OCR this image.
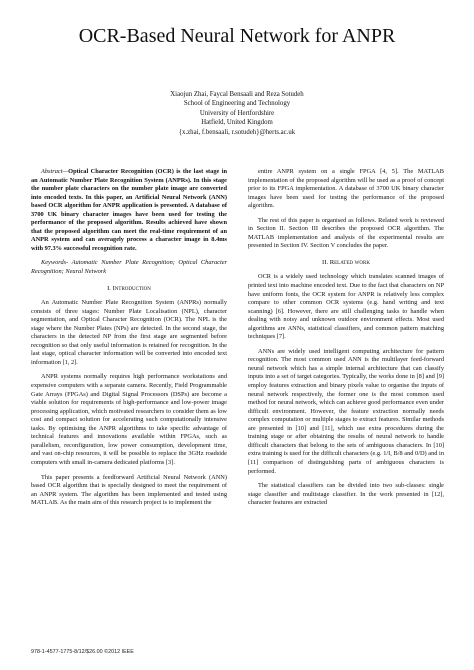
OCR-Based Neural Network for ANPR
Xiaojun Zhai, Faycal Bensaali and Reza Sotudeh
School of Engineering and Technology
University of Hertfordshire
Hatfield, United Kingdom
{x.zhai, f.bensaali, r.sotudeh}@herts.ac.uk

Abstract—Optical Character Recognition (OCR) is the last stage in an Automatic Number Plate Recognition System (ANPRs). In this stage the number plate characters on the number plate image are converted into encoded texts. In this paper, an Artificial Neural Network (ANN) based OCR algorithm for ANPR application is presented. A database of 3700 UK binary character images have been used for testing the performance of the proposed algorithm. Results achieved have shown that the proposed algorithm can meet the real-time requirement of an ANPR system and can averagely process a character image in 8.4ms with 97.3% successful recognition rate.

Keywords- Automatic Number Plate Recognition; Optical Character Recognition; Neural Network

I. Introduction

An Automatic Number Plate Recognition System (ANPRs) normally consists of three stages: Number Plate Localisation (NPL), character segmentation, and Optical Character Recognition (OCR). The NPL is the stage where the Number Plates (NPs) are detected. In the second stage, the characters in the detected NP from the first stage are segmented before recognition so that only useful information is retained for recognition. In the last stage, optical character information will be converted into encoded text information [1, 2].

ANPR systems normally requires high performance workstations and expensive computers with a separate camera. Recently, Field Programmable Gate Arrays (FPGAs) and Digital Signal Processors (DSPs) are become a viable solution for requirements of high-performance and low-power image processing application, which motivated researchers to consider them as low cost and compact solution for accelerating such computationally intensive tasks. By optimising the ANPR algorithms to take specific advantage of technical features and innovations available within FPGAs, such as parallelism, reconfiguration, low power consumption, development time, and vast on-chip resources, it will be possible to replace the 3GHz roadside computers with small in-camera dedicated platforms [3].

This paper presents a feedforward Artificial Neural Network (ANN) based OCR algorithm that is specially designed to meet the requirement of an ANPR system. The algorithm has been implemented and tested using MATLAB. As the main aim of this research project is to implement the

entire ANPR system on a single FPGA [4, 5]. The MATLAB implementation of the proposed algorithm will be used as a proof of concept prior to its FPGA implementation. A database of 3700 UK binary character images have been used for testing the performance of the proposed algorithm.

The rest of this paper is organised as follows. Related work is reviewed in Section II. Section III describes the proposed OCR algorithm. The MATLAB implementation and analysis of the experimental results are presented in Section IV. Section V concludes the paper.

II. Related work

OCR is a widely used technology which translates scanned images of printed text into machine encoded text. Due to the fact that characters on NP have uniform fonts, the OCR system for ANPR is relatively less complex compare to other common OCR systems (e.g. hand writing and text scanning) [6]. However, there are still challenging tasks to handle when dealing with noisy and unknown outdoor environment effects. Most used algorithms are ANNs, statistical classifiers, and common pattern matching techniques [7].

ANNs are widely used intelligent computing architecture for pattern recognition. The most common used ANN is the multilayer feed-forward neural network which has a simple internal architecture that can classify inputs into a set of target categories. Typically, the works done in [8] and [9] employ features extraction and binary pixels value to organise the inputs of neural network respectively, the former one is the most common used method for neural network, which can achieve good performance even under difficult environment. However, the feature extraction normally needs complex computation or multiple stages to extract features. Similar methods are presented in [10] and [11], which use extra procedures during the training stage or after obtaining the results of neural network to handle difficult characters that belong to the sets of ambiguous characters. In [10] extra training is used for the difficult characters (e.g. 1/I, B/8 and 0/D) and in [11] comparison of distinguishing parts of ambiguous characters is performed.

The statistical classifiers can be divided into two sub-classes: single stage classifier and multistage classifier. In the work presented in [12], character features are extracted

978-1-4577-1775-8/12/$26.00 ©2012 IEEE
